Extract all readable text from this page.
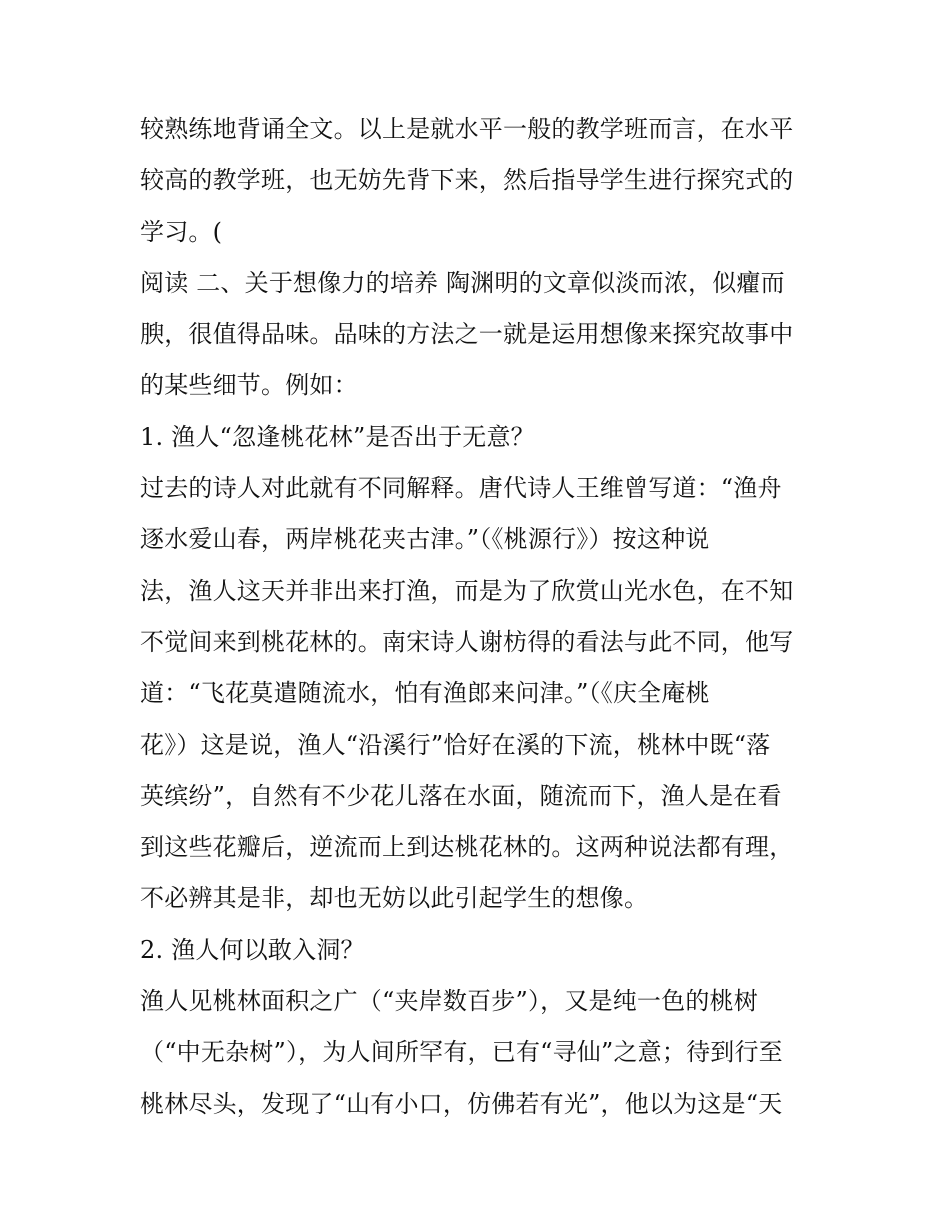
较熟练地背诵全文。以上是就水平一般的教学班而言，在水平
较高的教学班，也无妨先背下来，然后指导学生进行探究式的
学习。(
阅读 二、关于想像力的培养 陶渊明的文章似淡而浓，似癯而
腴，很值得品味。品味的方法之一就是运用想像来探究故事中
的某些细节。例如：
1. 渔人“忽逢桃花林”是否出于无意？
过去的诗人对此就有不同解释。唐代诗人王维曾写道：“渔舟
逐水爱山春，两岸桃花夹古津。”（《桃源行》）按这种说
法，渔人这天并非出来打渔，而是为了欣赏山光水色，在不知
不觉间来到桃花林的。南宋诗人谢枋得的看法与此不同，他写
道：“飞花莫遣随流水，怕有渔郎来问津。”（《庆全庵桃
花》）这是说，渔人“沿溪行”恰好在溪的下流，桃林中既“落
英缤纷”，自然有不少花儿落在水面，随流而下，渔人是在看
到这些花瓣后，逆流而上到达桃花林的。这两种说法都有理，
不必辨其是非，却也无妨以此引起学生的想像。
2. 渔人何以敢入洞？
渔人见桃林面积之广（“夹岸数百步”），又是纯一色的桃树
（“中无杂树”），为人间所罕有，已有“寻仙”之意；待到行至
桃林尽头，发现了“山有小口，仿佛若有光”，他以为这是“天
